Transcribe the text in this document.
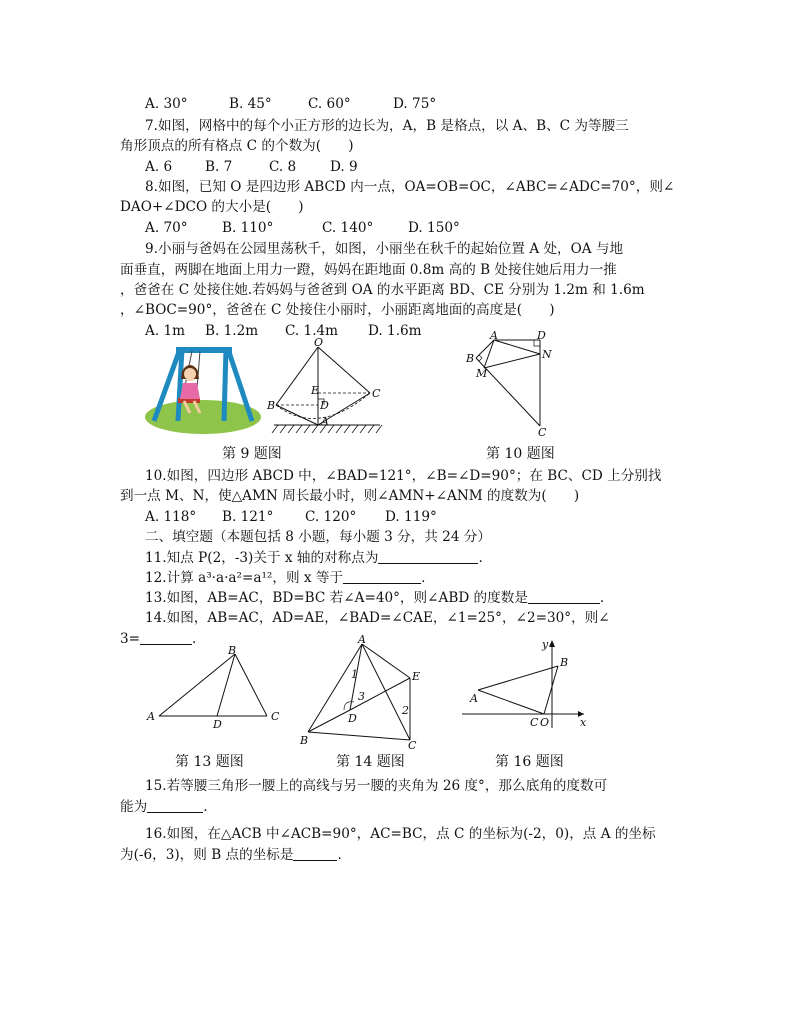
A. 30°	B. 45°	C. 60°	D. 75°
7.如图，网格中的每个小正方形的边长为，A，B 是格点，以 A、B、C 为等腰三
角形顶点的所有格点 C 的个数为(　　)
A. 6 B. 7	C. 8 D. 9
8.如图，已知 O 是四边形 ABCD 内一点，OA=OB=OC，∠ABC=∠ADC=70°，则∠
DAO+∠DCO 的大小是(　　)
A. 70°	B. 110°	C. 140°	D. 150°
9.小丽与爸妈在公园里荡秋千，如图，小丽坐在秋千的起始位置 A 处，OA 与地
面垂直，两脚在地面上用力一蹬，妈妈在距地面 0.8m 高的 B 处接住她后用力一推
，爸爸在 C 处接住她.若妈妈与爸爸到 OA 的水平距离 BD、CE 分别为 1.2m 和 1.6m
，∠BOC=90°，爸爸在 C 处接住小丽时，小丽距离地面的高度是(　　)
A. 1m B. 1.2m C. 1.4m D. 1.6m
O
E
D
B
C
A
A	D
B	N
M
C
第 9 题图	第 10 题图
10.如图，四边形 ABCD 中，∠BAD=121°，∠B=∠D=90°；在 BC、CD 上分别找
到一点 M、N，使△AMN 周长最小时，则∠AMN+∠ANM 的度数为(　　)
A. 118° B. 121° C. 120° D. 119°
二、填空题（本题包括 8 小题，每小题 3 分，共 24 分）
11.知点 P(2，-3)关于 x 轴的对称点为	.
12.计算 a³·a·a²=a¹²，则 x 等于	.
13.如图，AB=AC，BD=BC 若∠A=40°，则∠ABD 的度数是	.
14.如图，AB=AC，AD=AE，∠BAD=∠CAE，∠1=25°，∠2=30°，则∠
3=	.
B
A
D
C
A
E
1
3
2
D
B	C
y
B
A
C O	x
第 13 题图	第 14 题图	第 16 题图
15.若等腰三角形一腰上的高线与另一腰的夹角为 26 度°，那么底角的度数可
能为	.
16.如图，在△ACB 中∠ACB=90°，AC=BC，点 C 的坐标为(-2，0)，点 A 的坐标
为(-6，3)，则 B 点的坐标是	.
